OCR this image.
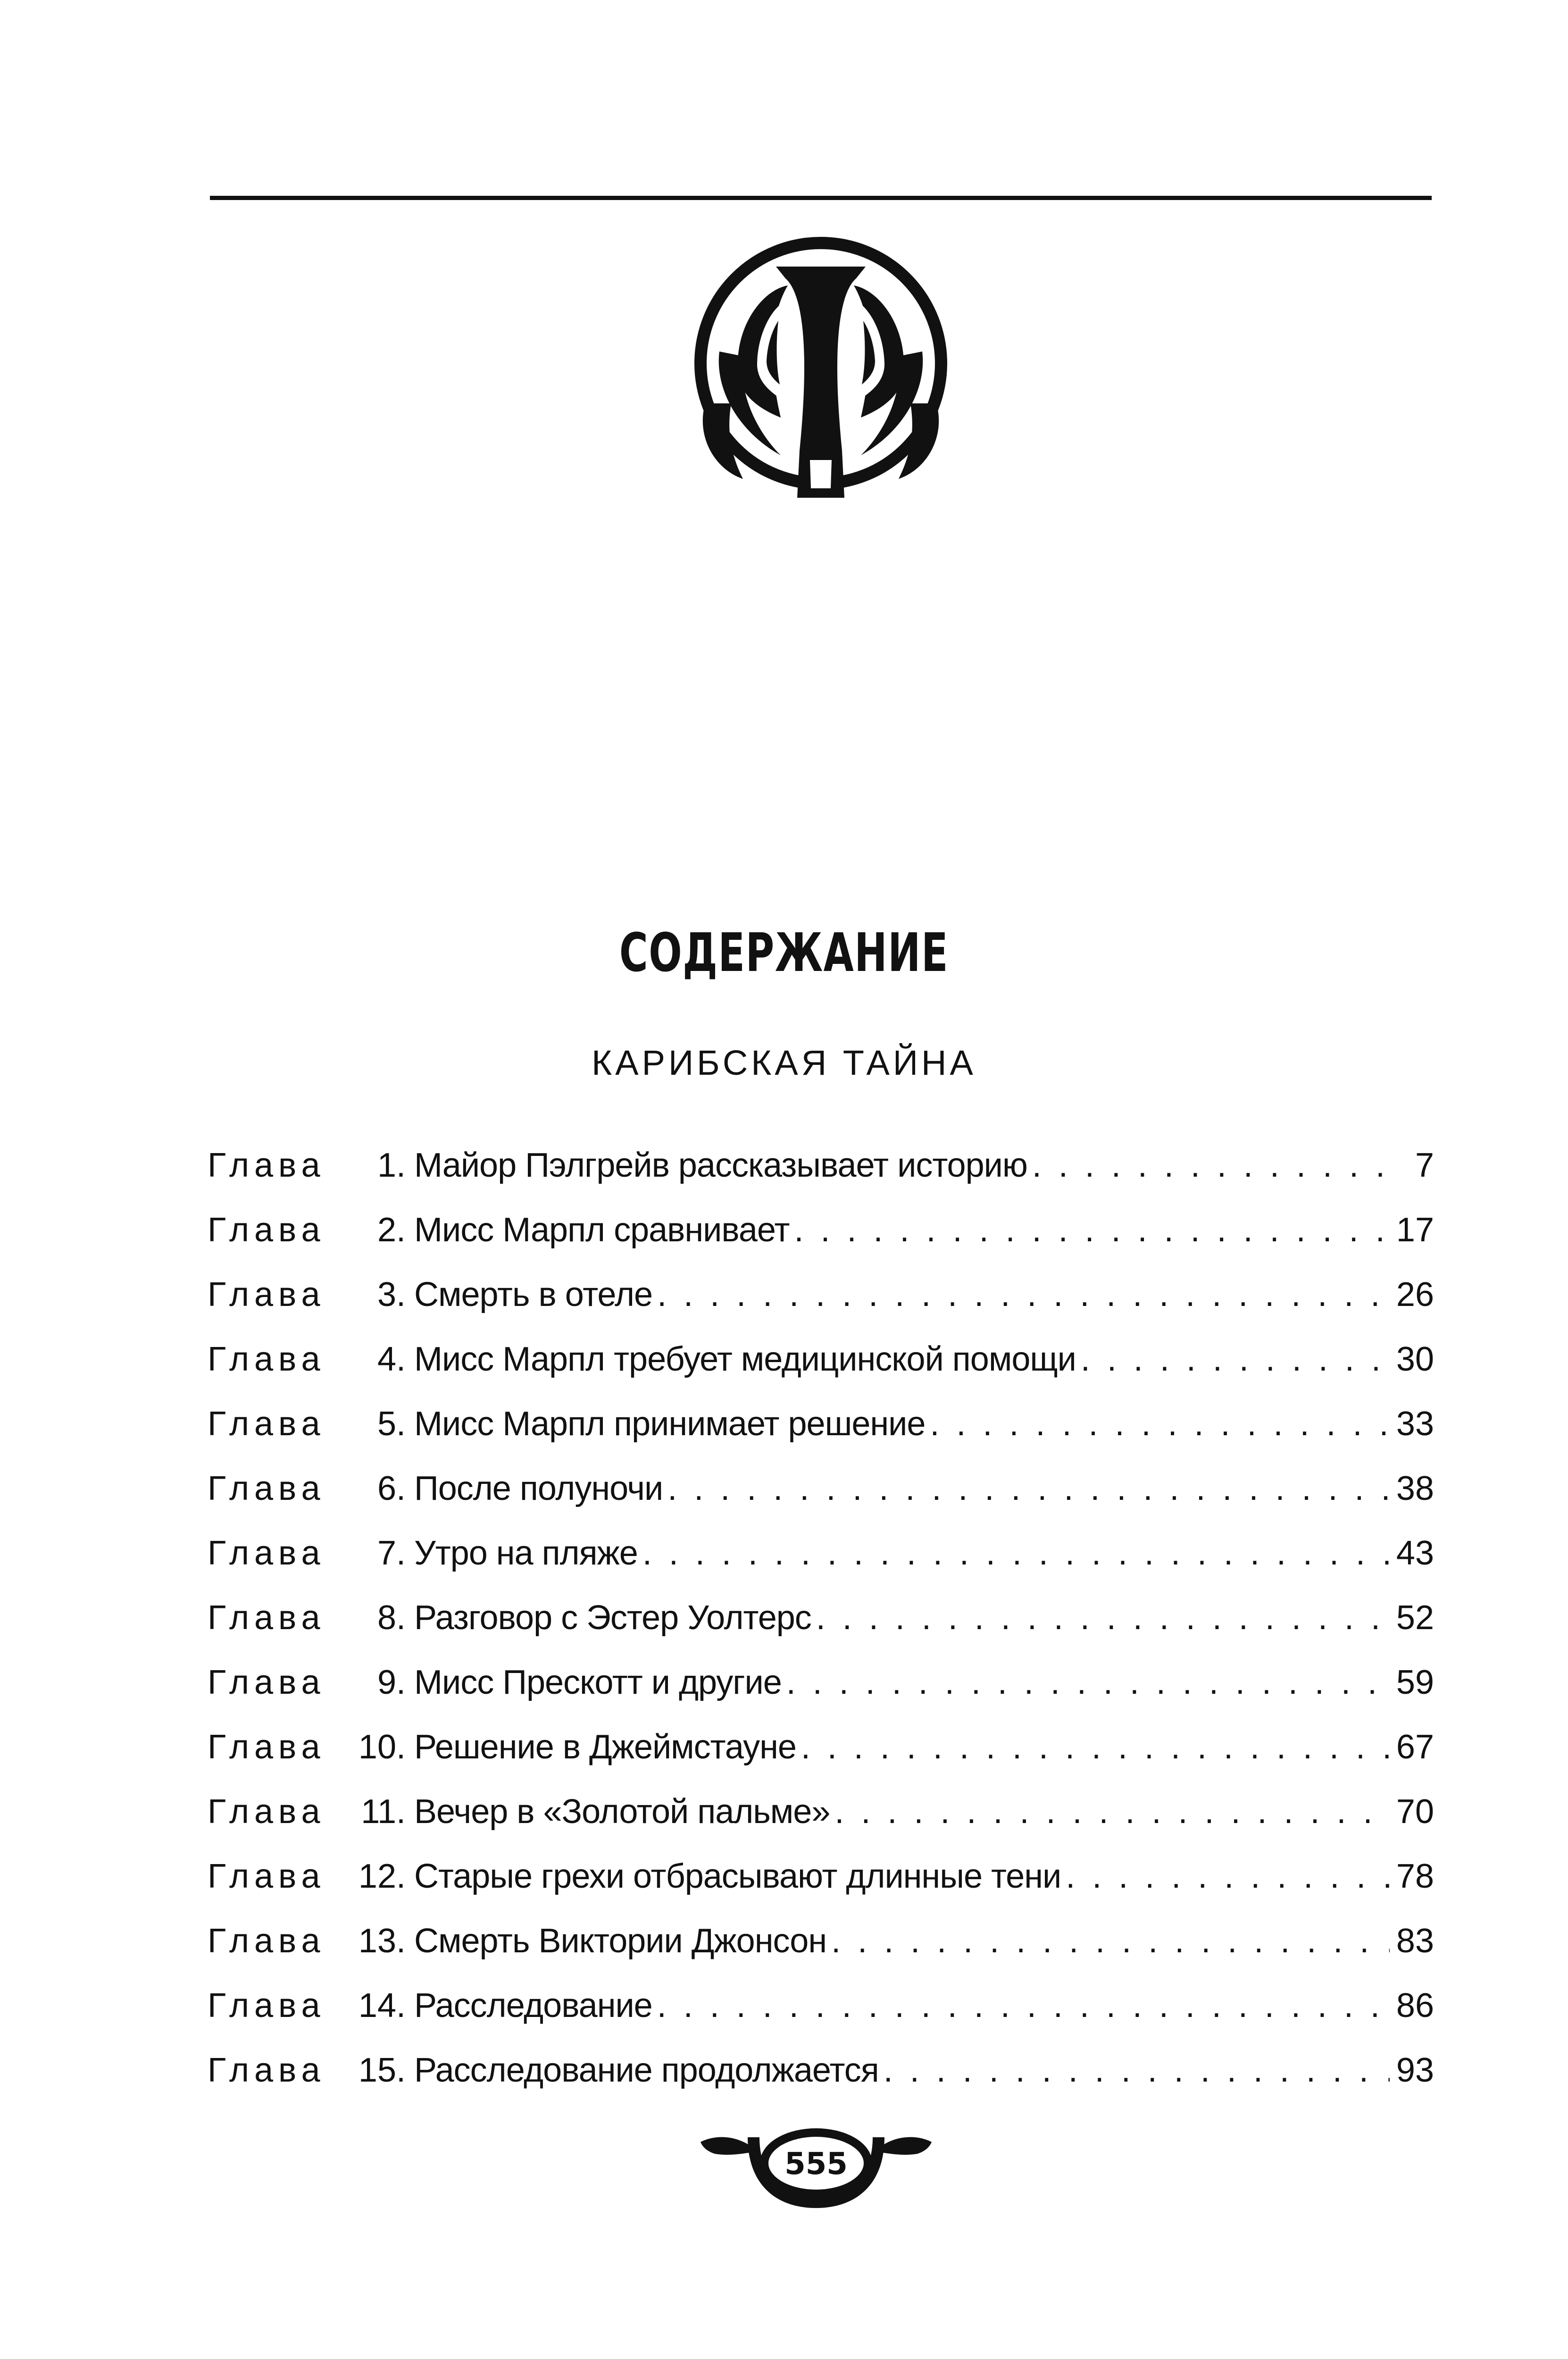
СОДЕРЖАНИЕ
КАРИБСКАЯ ТАЙНА
Глава	1. Майор Пэлгрейв рассказывает историю . . .	7
Глава	2. Мисс Марпл сравнивает . . .	17
Глава	3. Смерть в отеле . . .	26
Глава	4. Мисс Марпл требует медицинской помощи . . .	30
Глава	5. Мисс Марпл принимает решение . . .	33
Глава	6. После полуночи . . .	38
Глава	7. Утро на пляже . . .	43
Глава	8. Разговор с Эстер Уолтерс . . .	52
Глава	9. Мисс Прескотт и другие . . .	59
Глава 10. Решение в Джеймстауне . . .	67
Глава	11. Вечер в «Золотой пальме» . . .	70
Глава 12. Старые грехи отбрасывают длинные тени . . .	78
Глава 13. Смерть Виктории Джонсон . . .	83
Глава 14. Расследование . . .	86
Глава 15. Расследование продолжается . . .	93
555
